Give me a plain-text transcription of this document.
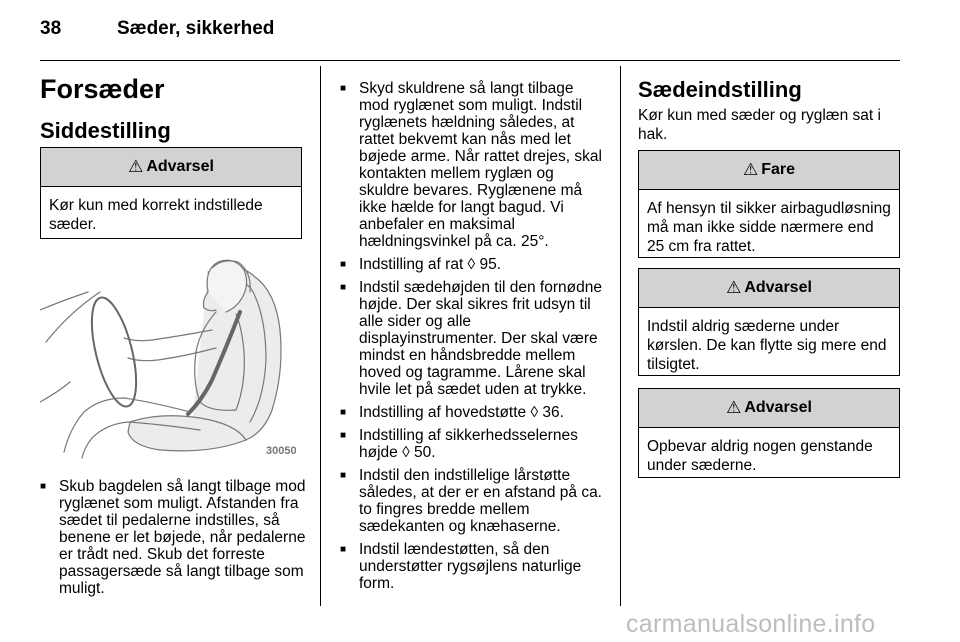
38	Sæder, sikkerhed
Forsæder
Siddestilling
⚠ Advarsel
Kør kun med korrekt indstillede sæder.
30050
■ Skub bagdelen så langt tilbage mod ryglænet som muligt. Afstanden fra sædet til pedalerne indstilles, så benene er let bøjede, når pedalerne er trådt ned. Skub det forreste passagersæde så langt tilbage som muligt.
■ Skyd skuldrene så langt tilbage mod ryglænet som muligt. Indstil ryglænets hældning således, at rattet bekvemt kan nås med let bøjede arme. Når rattet drejes, skal kontakten mellem ryglæn og skuldre bevares. Ryglænene må ikke hælde for langt bagud. Vi anbefaler en maksimal hældningsvinkel på ca. 25°.
■ Indstilling af rat ◊ 95.
■ Indstil sædehøjden til den fornødne højde. Der skal sikres frit udsyn til alle sider og alle displayinstrumenter. Der skal være mindst en håndsbredde mellem hoved og tagramme. Lårene skal hvile let på sædet uden at trykke.
■ Indstilling af hovedstøtte ◊ 36.
■ Indstilling af sikkerhedsselernes højde ◊ 50.
■ Indstil den indstillelige lårstøtte således, at der er en afstand på ca. to fingres bredde mellem sædekanten og knæhaserne.
■ Indstil lændestøtten, så den understøtter rygsøjlens naturlige form.
Sædeindstilling
Kør kun med sæder og ryglæn sat i hak.
⚠ Fare
Af hensyn til sikker airbagudløsning må man ikke sidde nærmere end 25 cm fra rattet.
⚠ Advarsel
Indstil aldrig sæderne under kørslen. De kan flytte sig mere end tilsigtet.
⚠ Advarsel
Opbevar aldrig nogen genstande under sæderne.
carmanualsonline.info
